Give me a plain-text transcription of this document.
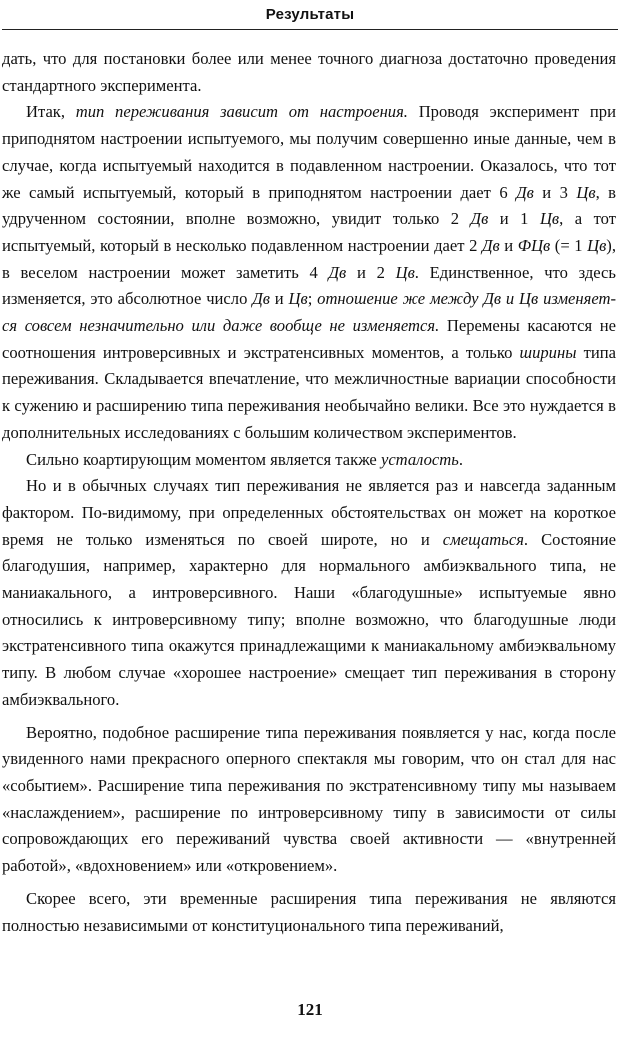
Результаты

дать, что для постановки более или менее точного диагноза достаточно проведения стандартного эксперимента.

Итак, тип переживания зависит от настроения. Проводя эксперимент при приподнятом настроении испытуемого, мы получим совершенно иные данные, чем в случае, когда испытуемый находится в подавленном настроении. Оказалось, что тот же самый испытуемый, который в приподнятом настроении дает 6 Дв и 3 Цв, в удрученном состоянии, вполне возможно, увидит только 2 Дв и 1 Цв, а тот испытуемый, который в несколько подавленном настроении дает 2 Дв и ФЦв (= 1 Цв), в веселом настроении может заметить 4 Дв и 2 Цв. Единственное, что здесь изменяется, это абсолютное число Дв и Цв; отношение же между Дв и Цв изменяется совсем незначительно или даже вообще не изменяется. Перемены касаются не соотношения интроверсивных и экстратенсивных моментов, а только ширины типа переживания. Складывается впечатление, что межличностные вариации способности к сужению и расширению типа переживания необычайно велики. Все это нуждается в дополнительных исследованиях с большим количеством экспериментов.

Сильно коартирующим моментом является также усталость.

Но и в обычных случаях тип переживания не является раз и навсегда заданным фактором. По-видимому, при определенных обстоятельствах он может на короткое время не только изменяться по своей широте, но и смещаться. Состояние благодушия, например, характерно для нормального амбиэквального типа, не маниакального, а интроверсивного. Наши «благодушные» испытуемые явно относились к интроверсивному типу; вполне возможно, что благодушные люди экстратенсивного типа окажутся принадлежащими к маниакальному амбиэквальному типу. В любом случае «хорошее настроение» смещает тип переживания в сторону амбиэквального.

Вероятно, подобное расширение типа переживания появляется у нас, когда после увиденного нами прекрасного оперного спектакля мы говорим, что он стал для нас «событием». Расширение типа переживания по экстратенсивному типу мы называем «наслаждением», расширение по интроверсивному типу в зависимости от силы сопровождающих его переживаний чувства своей активности — «внутренней работой», «вдохновением» или «откровением».

Скорее всего, эти временные расширения типа переживания не являются полностью независимыми от конституционального типа переживаний,

121
